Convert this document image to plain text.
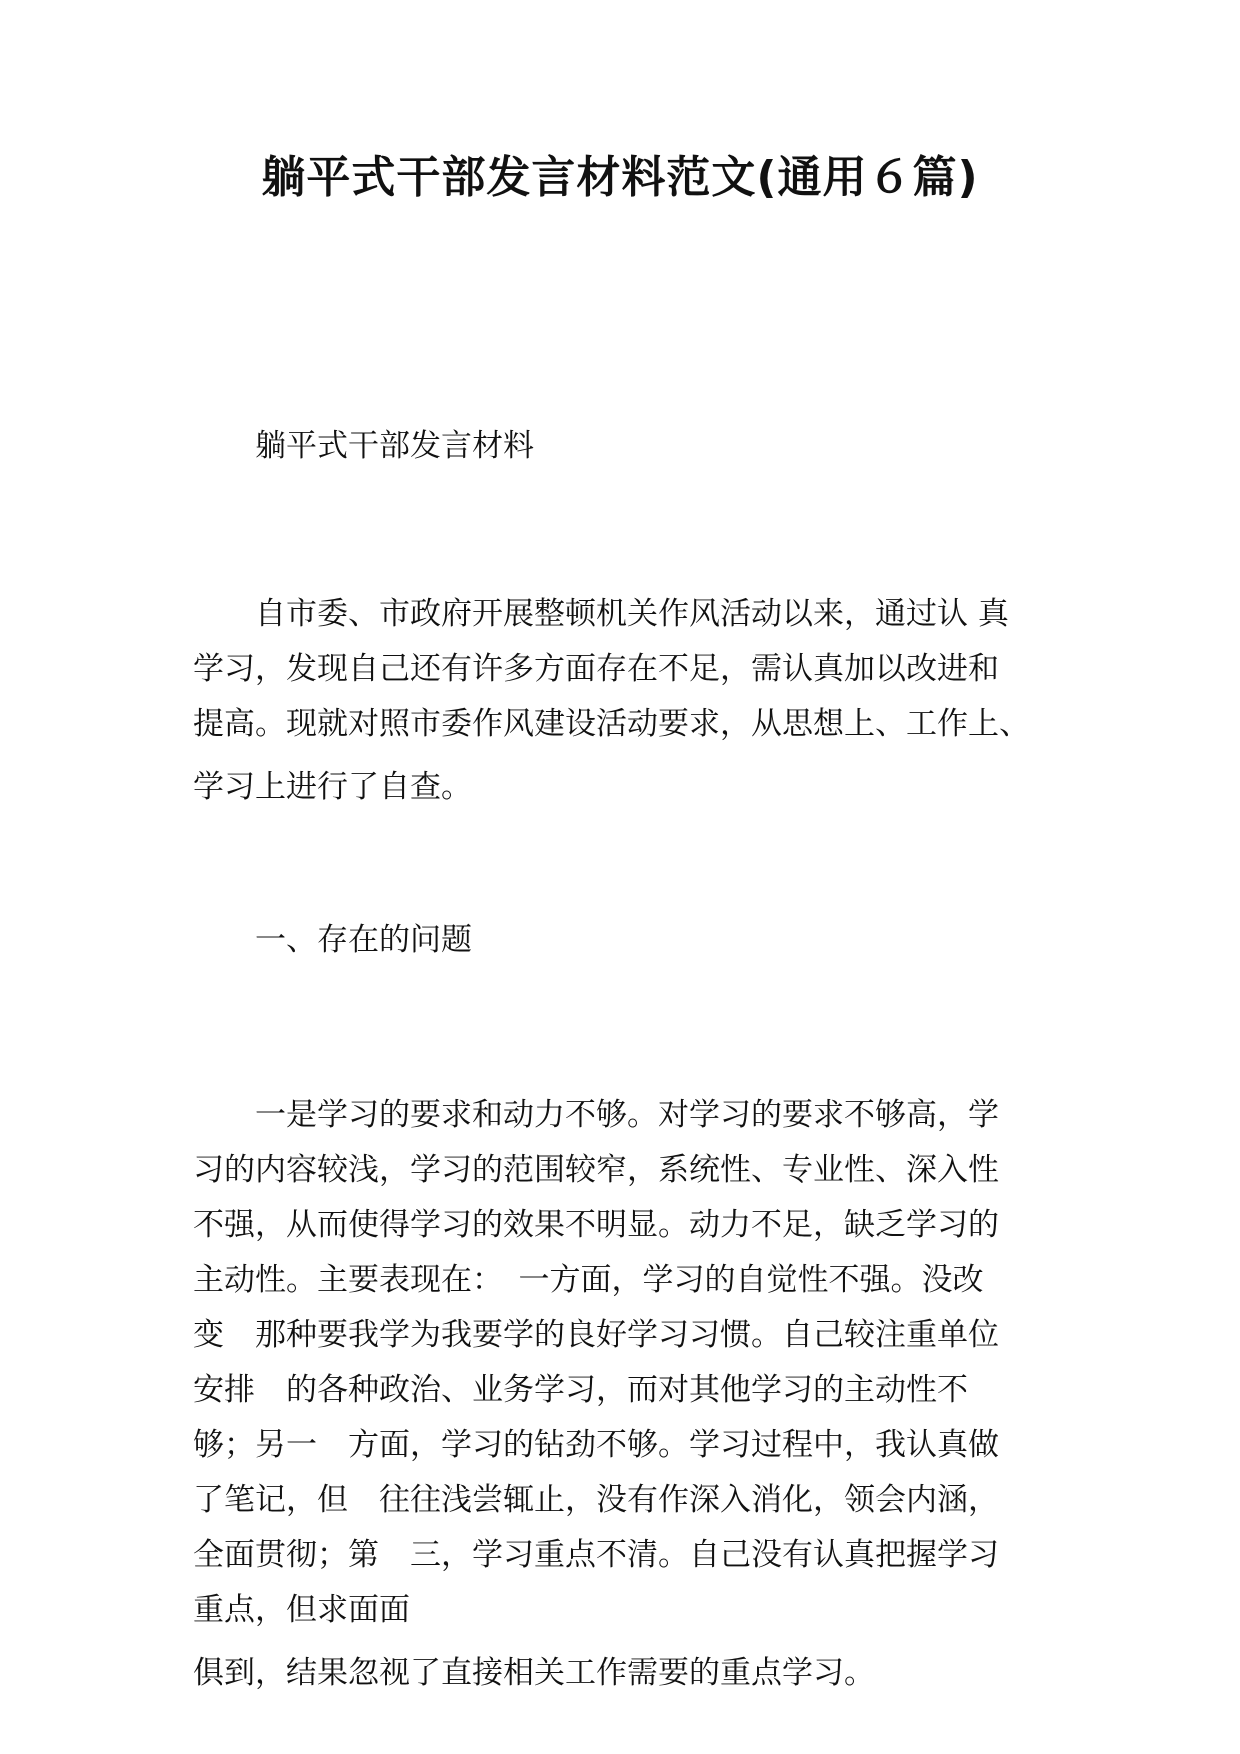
躺平式干部发言材料范文(通用６篇)
躺平式干部发言材料
自市委、市政府开展整顿机关作风活动以来，通过认 真
学习，发现自己还有许多方面存在不足，需认真加以改进和
提高。现就对照市委作风建设活动要求，从思想上、工作上、
学习上进行了自查。
一、存在的问题
一是学习的要求和动力不够。对学习的要求不够高，学
习的内容较浅，学习的范围较窄，系统性、专业性、深入性
不强，从而使得学习的效果不明显。动力不足，缺乏学习的
主动性。主要表现在：　一方面，学习的自觉性不强。没改
变　那种要我学为我要学的良好学习习惯。自己较注重单位
安排　的各种政治、业务学习，而对其他学习的主动性不
够；另一　方面，学习的钻劲不够。学习过程中，我认真做
了笔记，但　往往浅尝辄止，没有作深入消化，领会内涵，
全面贯彻；第　三，学习重点不清。自己没有认真把握学习
重点，但求面面
俱到，结果忽视了直接相关工作需要的重点学习。
